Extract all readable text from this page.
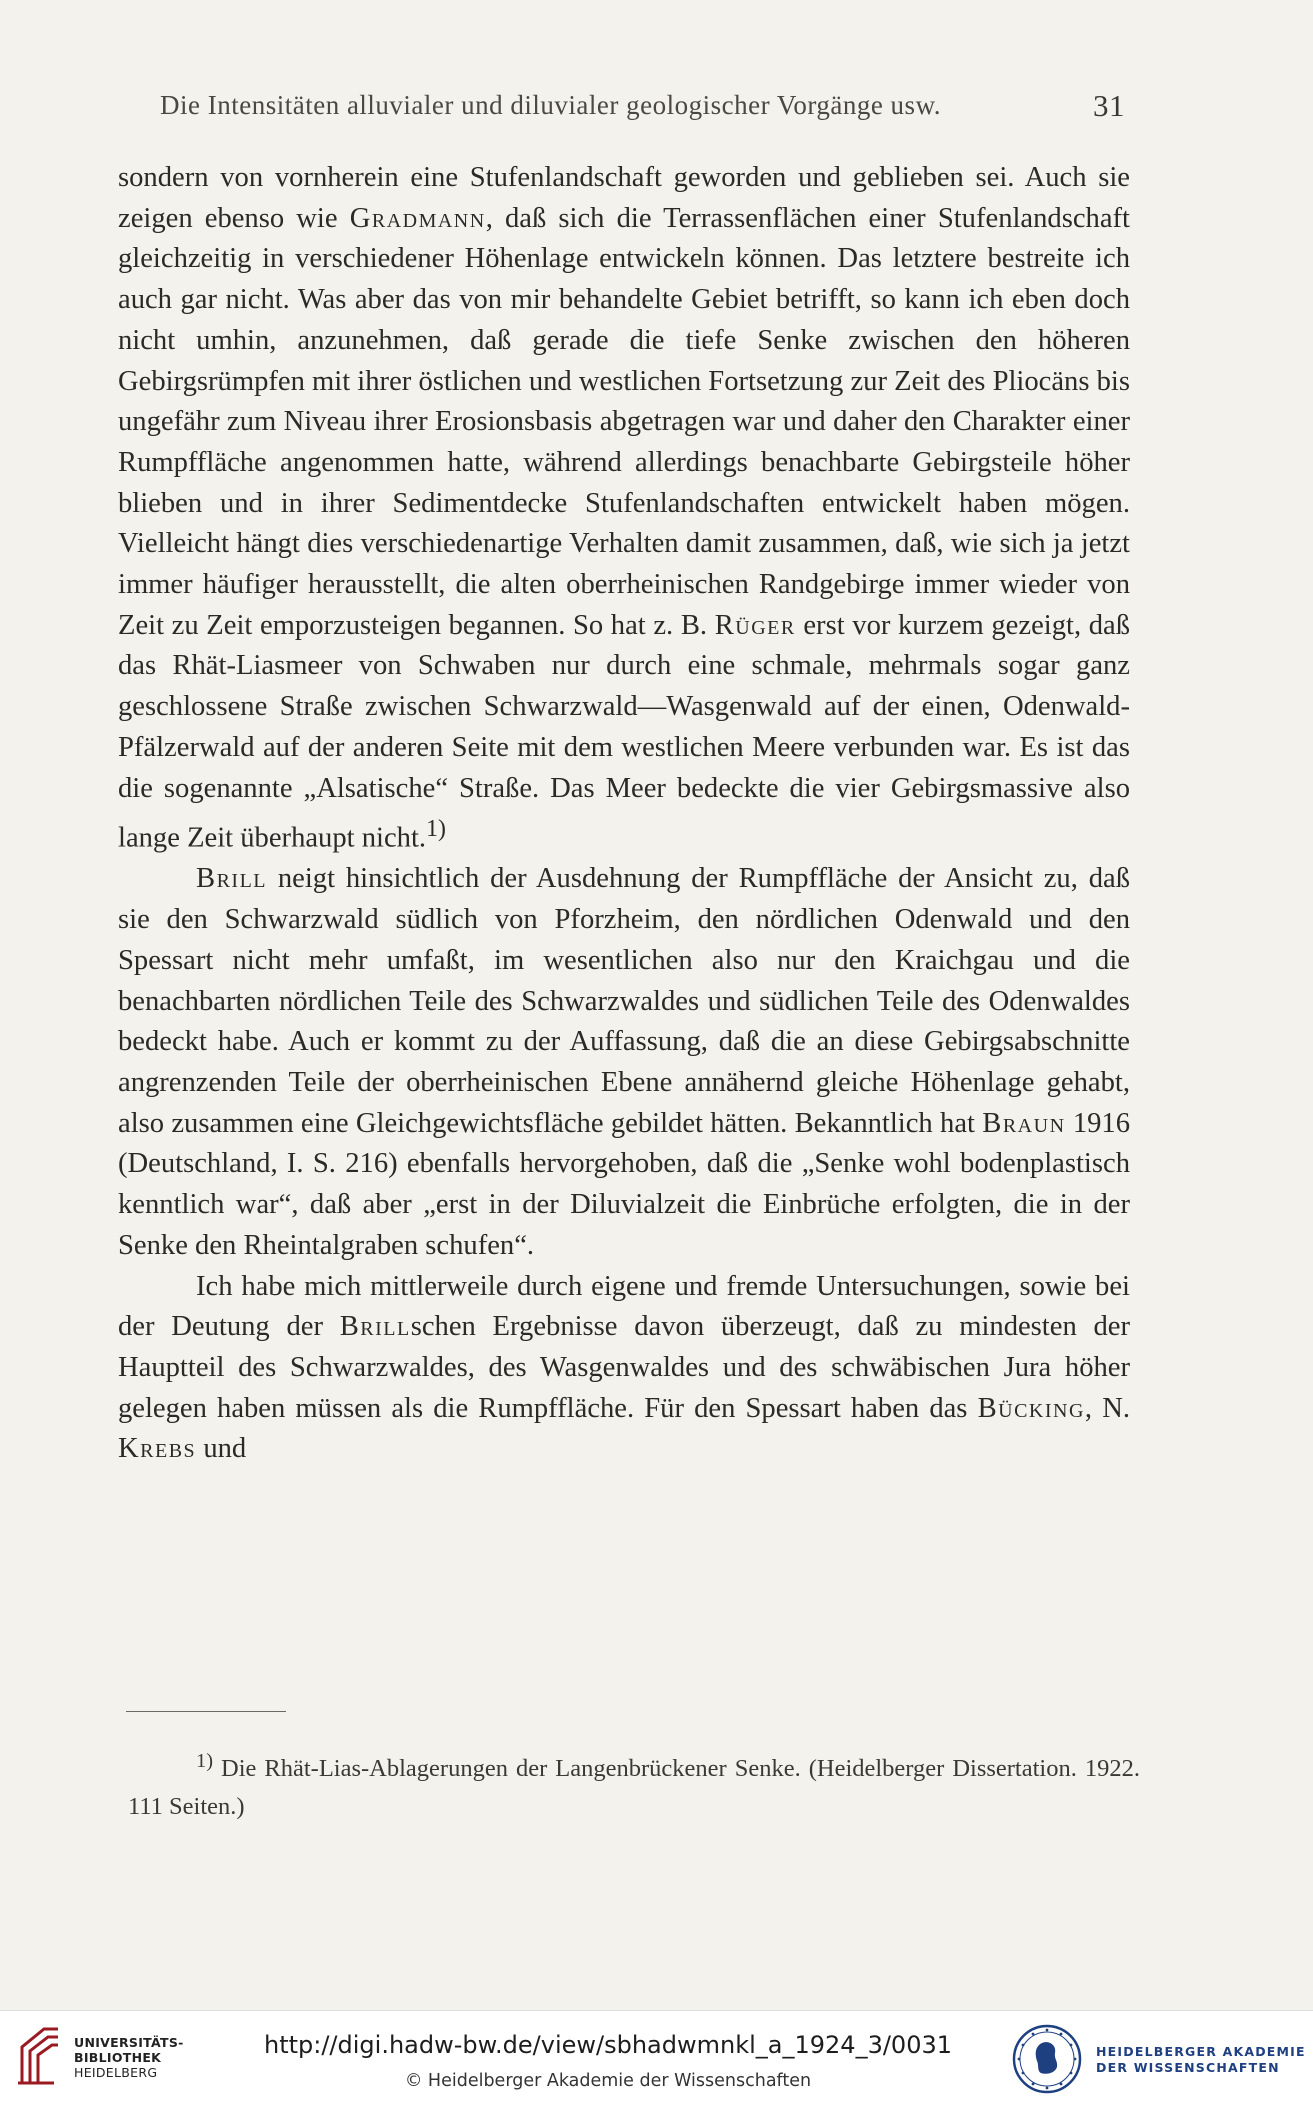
Die Intensitäten alluvialer und diluvialer geologischer Vorgänge usw.	31

sondern von vornherein eine Stufenlandschaft geworden und geblieben sei. Auch sie zeigen ebenso wie Gradmann, daß sich die Terrassenflächen einer Stufenlandschaft gleichzeitig in verschiedener Höhenlage entwickeln können. Das letztere bestreite ich auch gar nicht. Was aber das von mir behandelte Gebiet betrifft, so kann ich eben doch nicht umhin, anzunehmen, daß gerade die tiefe Senke zwischen den höheren Gebirgsrümpfen mit ihrer östlichen und westlichen Fortsetzung zur Zeit des Pliocäns bis ungefähr zum Niveau ihrer Erosionsbasis abgetragen war und daher den Charakter einer Rumpffläche angenommen hatte, während allerdings benachbarte Gebirgsteile höher blieben und in ihrer Sedimentdecke Stufenlandschaften entwickelt haben mögen. Vielleicht hängt dies verschiedenartige Verhalten damit zusammen, daß, wie sich ja jetzt immer häufiger herausstellt, die alten oberrheinischen Randgebirge immer wieder von Zeit zu Zeit emporzusteigen begannen. So hat z. B. Rüger erst vor kurzem gezeigt, daß das Rhät-Liasmeer von Schwaben nur durch eine schmale, mehrmals sogar ganz geschlossene Straße zwischen Schwarzwald—Wasgenwald auf der einen, Odenwald-Pfälzerwald auf der anderen Seite mit dem westlichen Meere verbunden war. Es ist das die sogenannte „Alsatische“ Straße. Das Meer bedeckte die vier Gebirgsmassive also lange Zeit überhaupt nicht.$^{1)}$

Brill neigt hinsichtlich der Ausdehnung der Rumpffläche der Ansicht zu, daß sie den Schwarzwald südlich von Pforzheim, den nördlichen Odenwald und den Spessart nicht mehr umfaßt, im wesentlichen also nur den Kraichgau und die benachbarten nördlichen Teile des Schwarzwaldes und südlichen Teile des Odenwaldes bedeckt habe. Auch er kommt zu der Auffassung, daß die an diese Gebirgsabschnitte angrenzenden Teile der oberrheinischen Ebene annähernd gleiche Höhenlage gehabt, also zusammen eine Gleichgewichtsfläche gebildet hätten. Bekanntlich hat Braun 1916 (Deutschland, I. S. 216) ebenfalls hervorgehoben, daß die „Senke wohl bodenplastisch kenntlich war“, daß aber „erst in der Diluvialzeit die Einbrüche erfolgten, die in der Senke den Rheintalgraben schufen“.

Ich habe mich mittlerweile durch eigene und fremde Untersuchungen, sowie bei der Deutung der Brillschen Ergebnisse davon überzeugt, daß zu mindesten der Hauptteil des Schwarzwaldes, des Wasgenwaldes und des schwäbischen Jura höher gelegen haben müssen als die Rumpffläche. Für den Spessart haben das Bücking, N. Krebs und

$^{1)}$ Die Rhät-Lias-Ablagerungen der Langenbrückener Senke. (Heidelberger Dissertation. 1922. 111 Seiten.)

UNIVERSITÄTS-
BIBLIOTHEK
HEIDELBERG
http://digi.hadw-bw.de/view/sbhadwmnkl_a_1924_3/0031
© Heidelberger Akademie der Wissenschaften
HEIDELBERGER AKADEMIE
DER WISSENSCHAFTEN
